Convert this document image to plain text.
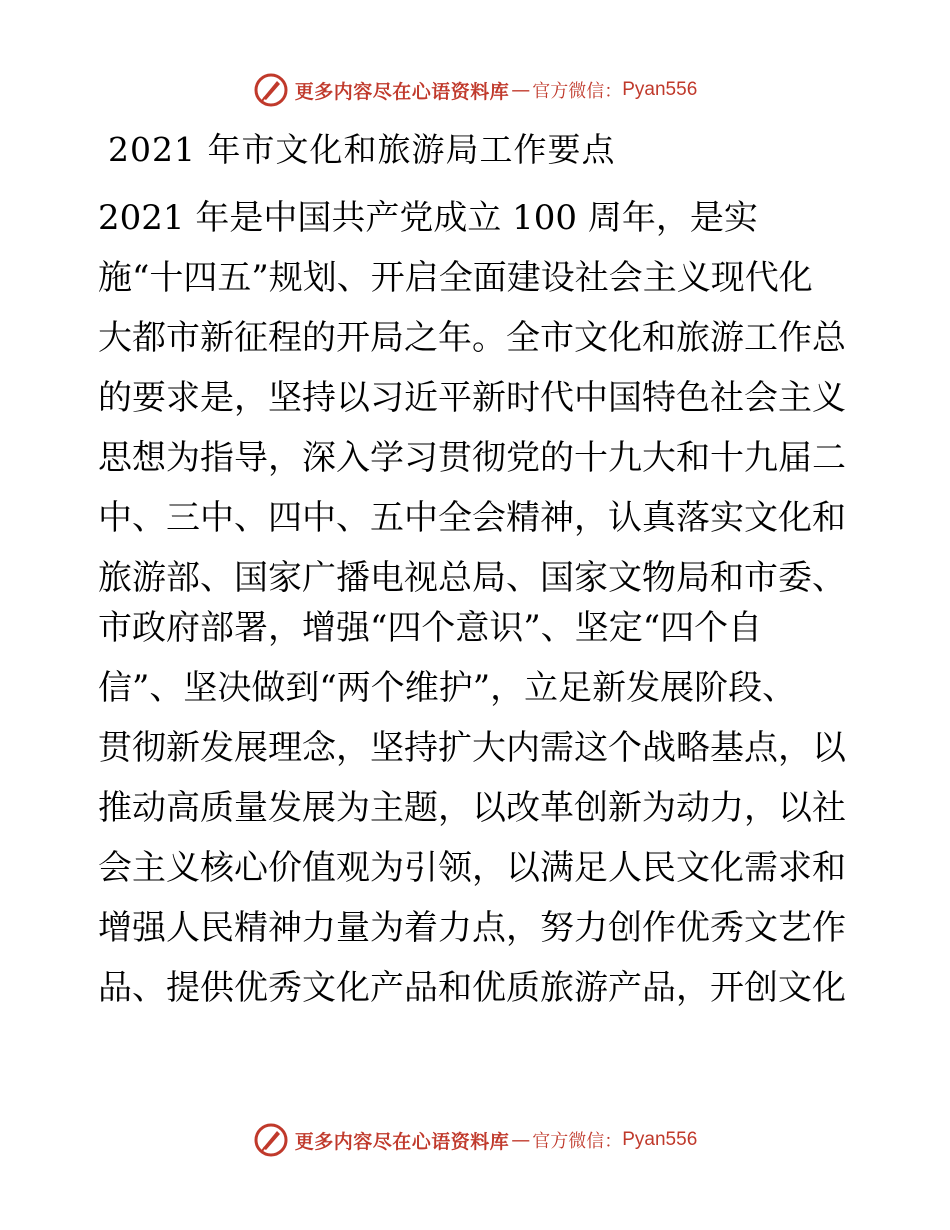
更多内容尽在心语资料库 — 官方微信： Pyan556
2021 年市文化和旅游局工作要点
2021 年是中国共产党成立 100 周年，是实
施“十四五”规划、开启全面建设社会主义现代化
大都市新征程的开局之年。全市文化和旅游工作总
的要求是，坚持以习近平新时代中国特色社会主义
思想为指导，深入学习贯彻党的十九大和十九届二
中、三中、四中、五中全会精神，认真落实文化和
旅游部、国家广播电视总局、国家文物局和市委、
市政府部署，增强“四个意识”、坚定“四个自
信”、坚决做到“两个维护”，立足新发展阶段、
贯彻新发展理念，坚持扩大内需这个战略基点，以
推动高质量发展为主题，以改革创新为动力，以社
会主义核心价值观为引领，以满足人民文化需求和
增强人民精神力量为着力点，努力创作优秀文艺作
品、提供优秀文化产品和优质旅游产品，开创文化
更多内容尽在心语资料库 — 官方微信： Pyan556
